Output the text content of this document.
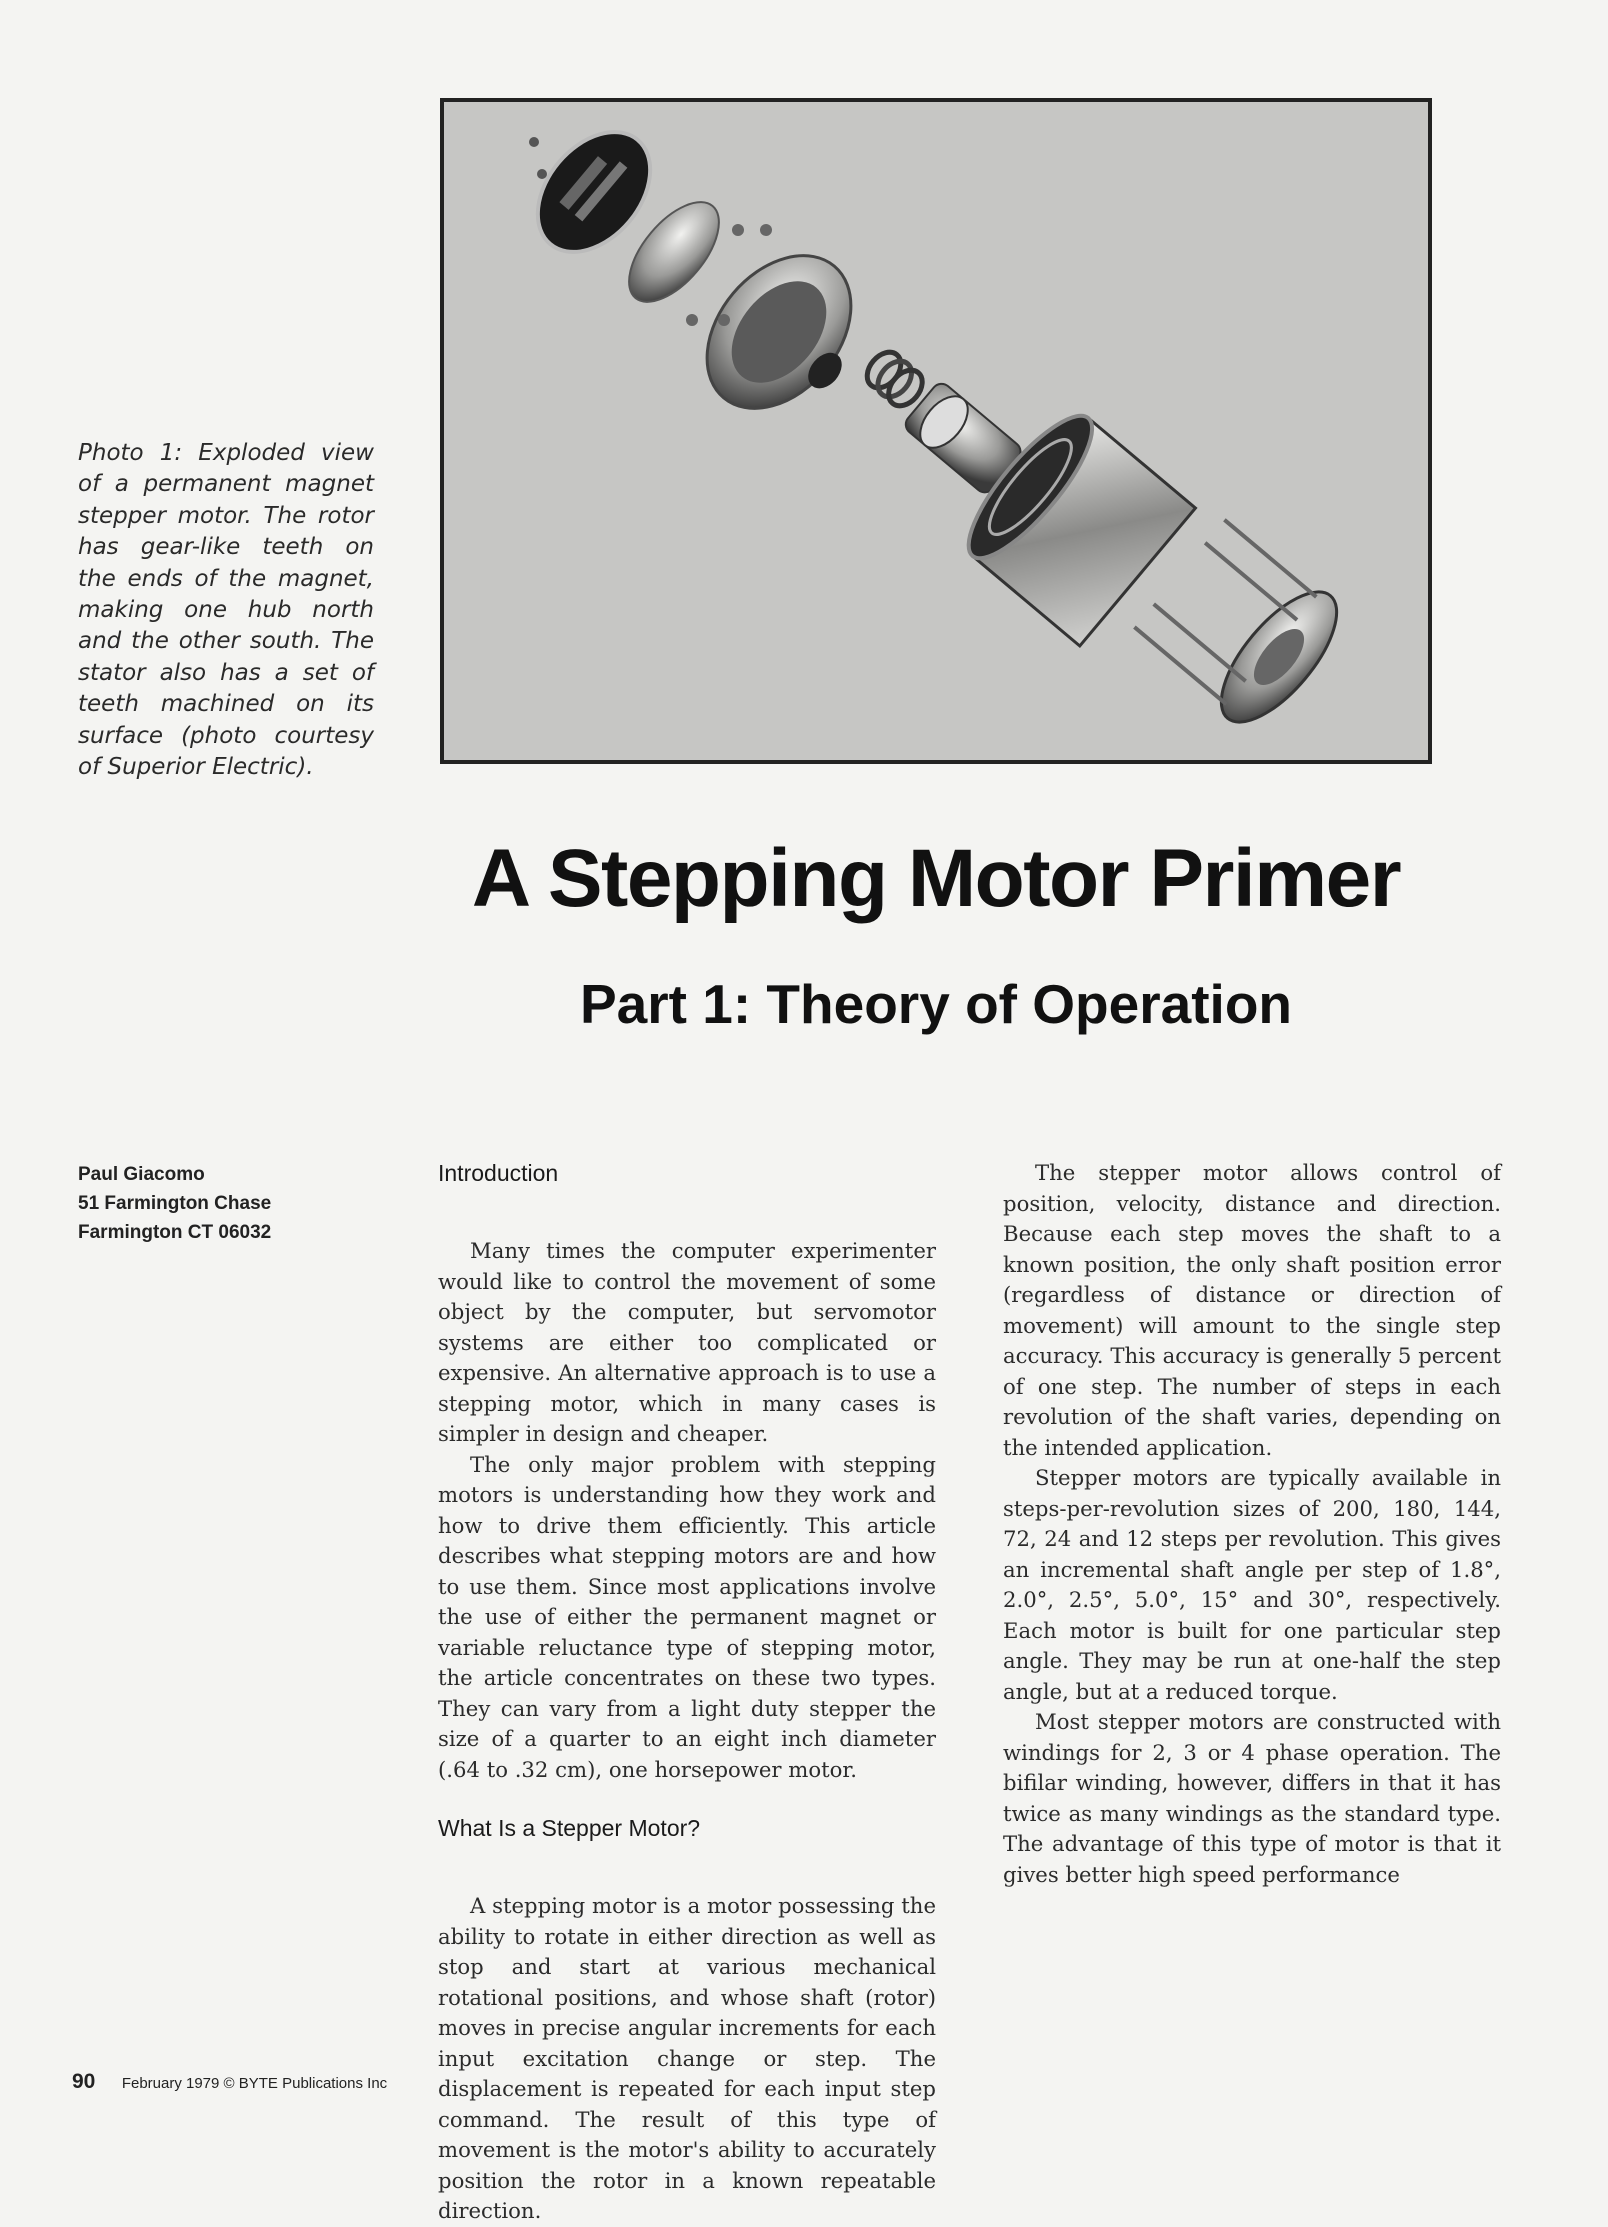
Photo 1: Exploded view of a permanent magnet stepper motor. The rotor has gear-like teeth on the ends of the magnet, making one hub north and the other south. The stator also has a set of teeth machined on its surface (photo courtesy of Superior Electric).
A Stepping Motor Primer
Part 1: Theory of Operation
Paul Giacomo
51 Farmington Chase
Farmington CT 06032
Introduction

Many times the computer experimenter would like to control the movement of some object by the computer, but servomotor systems are either too complicated or expensive. An alternative approach is to use a stepping motor, which in many cases is simpler in design and cheaper.

The only major problem with stepping motors is understanding how they work and how to drive them efficiently. This article describes what stepping motors are and how to use them. Since most applications involve the use of either the permanent magnet or variable reluctance type of stepping motor, the article concentrates on these two types. They can vary from a light duty stepper the size of a quarter to an eight inch diameter (.64 to .32 cm), one horsepower motor.

What Is a Stepper Motor?

A stepping motor is a motor possessing the ability to rotate in either direction as well as stop and start at various mechanical rotational positions, and whose shaft (rotor) moves in precise angular increments for each input excitation change or step. The displacement is repeated for each input step command. The result of this type of movement is the motor's ability to accurately position the rotor in a known repeatable direction.

The stepper motor allows control of position, velocity, distance and direction. Because each step moves the shaft to a known position, the only shaft position error (regardless of distance or direction of movement) will amount to the single step accuracy. This accuracy is generally 5 percent of one step. The number of steps in each revolution of the shaft varies, depending on the intended application.

Stepper motors are typically available in steps-per-revolution sizes of 200, 180, 144, 72, 24 and 12 steps per revolution. This gives an incremental shaft angle per step of 1.8°, 2.0°, 2.5°, 5.0°, 15° and 30°, respectively. Each motor is built for one particular step angle. They may be run at one-half the step angle, but at a reduced torque.

Most stepper motors are constructed with windings for 2, 3 or 4 phase operation. The bifilar winding, however, differs in that it has twice as many windings as the standard type. The advantage of this type of motor is that it gives better high speed performance

90 February 1979 © BYTE Publications Inc
